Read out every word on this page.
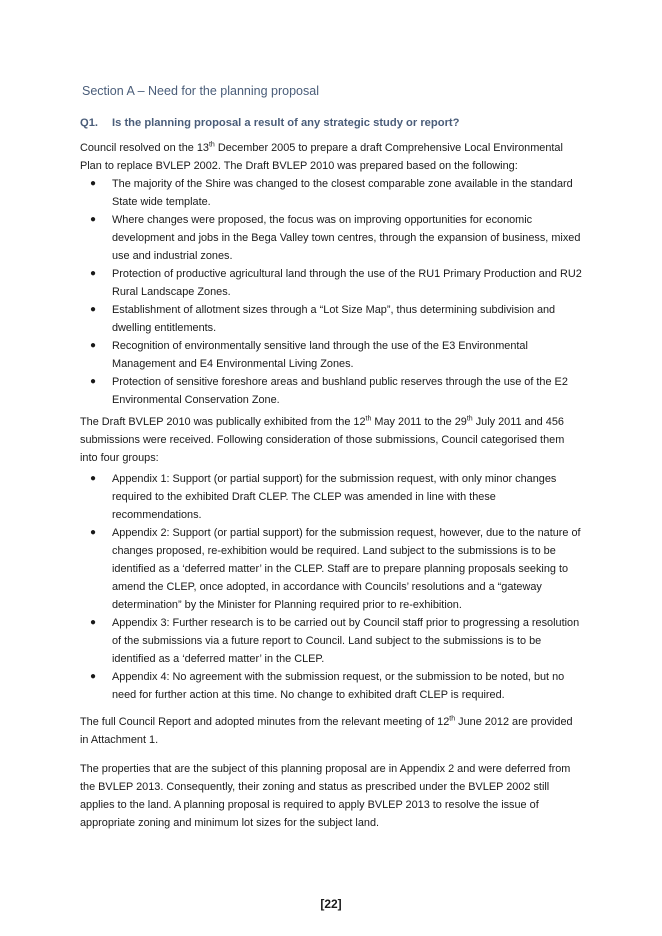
Section A – Need for the planning proposal
Q1.	Is the planning proposal a result of any strategic study or report?

Council resolved on the 13th December 2005 to prepare a draft Comprehensive Local Environmental Plan to replace BVLEP 2002. The Draft BVLEP 2010 was prepared based on the following:

● The majority of the Shire was changed to the closest comparable zone available in the standard State wide template.
● Where changes were proposed, the focus was on improving opportunities for economic development and jobs in the Bega Valley town centres, through the expansion of business, mixed use and industrial zones.
● Protection of productive agricultural land through the use of the RU1 Primary Production and RU2 Rural Landscape Zones.
● Establishment of allotment sizes through a “Lot Size Map”, thus determining subdivision and dwelling entitlements.
● Recognition of environmentally sensitive land through the use of the E3 Environmental Management and E4 Environmental Living Zones.
● Protection of sensitive foreshore areas and bushland public reserves through the use of the E2 Environmental Conservation Zone.

The Draft BVLEP 2010 was publically exhibited from the 12th May 2011 to the 29th July 2011 and 456 submissions were received. Following consideration of those submissions, Council categorised them into four groups:

● Appendix 1: Support (or partial support) for the submission request, with only minor changes required to the exhibited Draft CLEP. The CLEP was amended in line with these recommendations.
● Appendix 2: Support (or partial support) for the submission request, however, due to the nature of changes proposed, re-exhibition would be required. Land subject to the submissions is to be identified as a ‘deferred matter’ in the CLEP. Staff are to prepare planning proposals seeking to amend the CLEP, once adopted, in accordance with Councils’ resolutions and a “gateway determination” by the Minister for Planning required prior to re-exhibition.
● Appendix 3: Further research is to be carried out by Council staff prior to progressing a resolution of the submissions via a future report to Council. Land subject to the submissions is to be identified as a ‘deferred matter’ in the CLEP.
● Appendix 4: No agreement with the submission request, or the submission to be noted, but no need for further action at this time. No change to exhibited draft CLEP is required.

The full Council Report and adopted minutes from the relevant meeting of 12th June 2012 are provided in Attachment 1.

The properties that are the subject of this planning proposal are in Appendix 2 and were deferred from the BVLEP 2013. Consequently, their zoning and status as prescribed under the BVLEP 2002 still applies to the land. A planning proposal is required to apply BVLEP 2013 to resolve the issue of appropriate zoning and minimum lot sizes for the subject land.

[22]
